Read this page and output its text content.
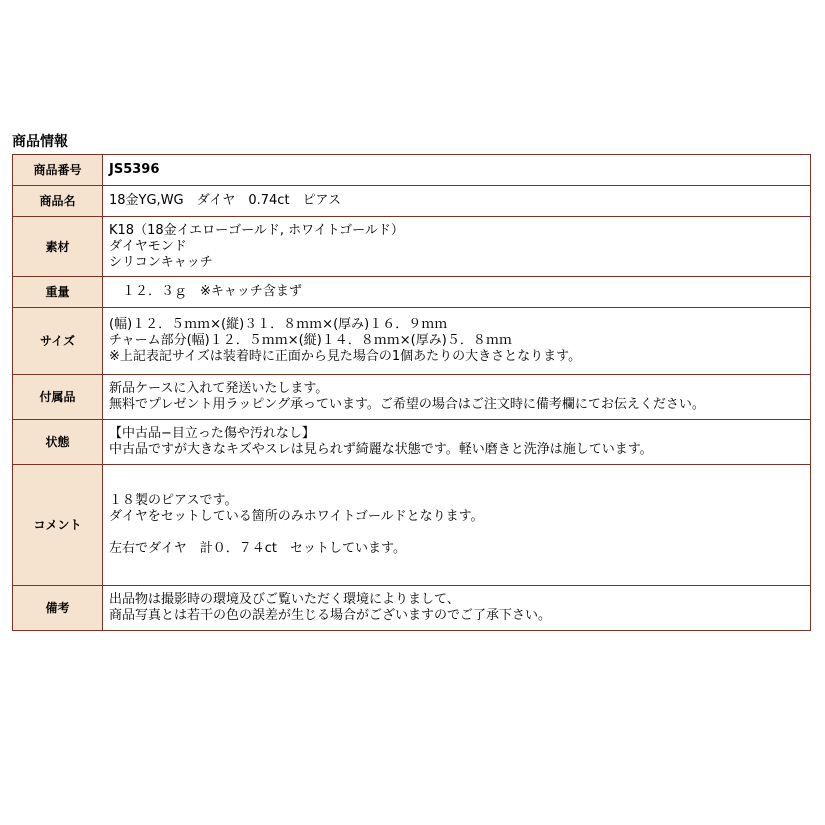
商品情報
商品番号	JS5396
商品名	18金YG,WG　ダイヤ　0.74ct　ピアス
素材	K18（18金イエローゴールド, ホワイトゴールド）
ダイヤモンド
シリコンキャッチ

重量	　１２．３ｇ　※キャッチ含まず
サイズ	(幅)１２．５ｍｍ×(縦)３１．８ｍｍ×(厚み)１６．９ｍｍ
チャーム部分(幅)１２．５ｍｍ×(縦)１４．８ｍｍ×(厚み)５．８ｍｍ
※上記表記サイズは装着時に正面から見た場合の1個あたりの大きさとなります。

付属品	新品ケースに入れて発送いたします。
無料でプレゼント用ラッピング承っています。ご希望の場合はご注文時に備考欄にてお伝えください。

状態	【中古品−目立った傷や汚れなし】
中古品ですが大きなキズやスレは見られず綺麗な状態です。軽い磨きと洗浄は施しています。

コメント	１８製のピアスです。
ダイヤをセットしている箇所のみホワイトゴールドとなります。
左右でダイヤ　計０．７４ct　セットしています。

備考	出品物は撮影時の環境及びご覧いただく環境によりまして、
商品写真とは若干の色の誤差が生じる場合がございますのでご了承下さい。
